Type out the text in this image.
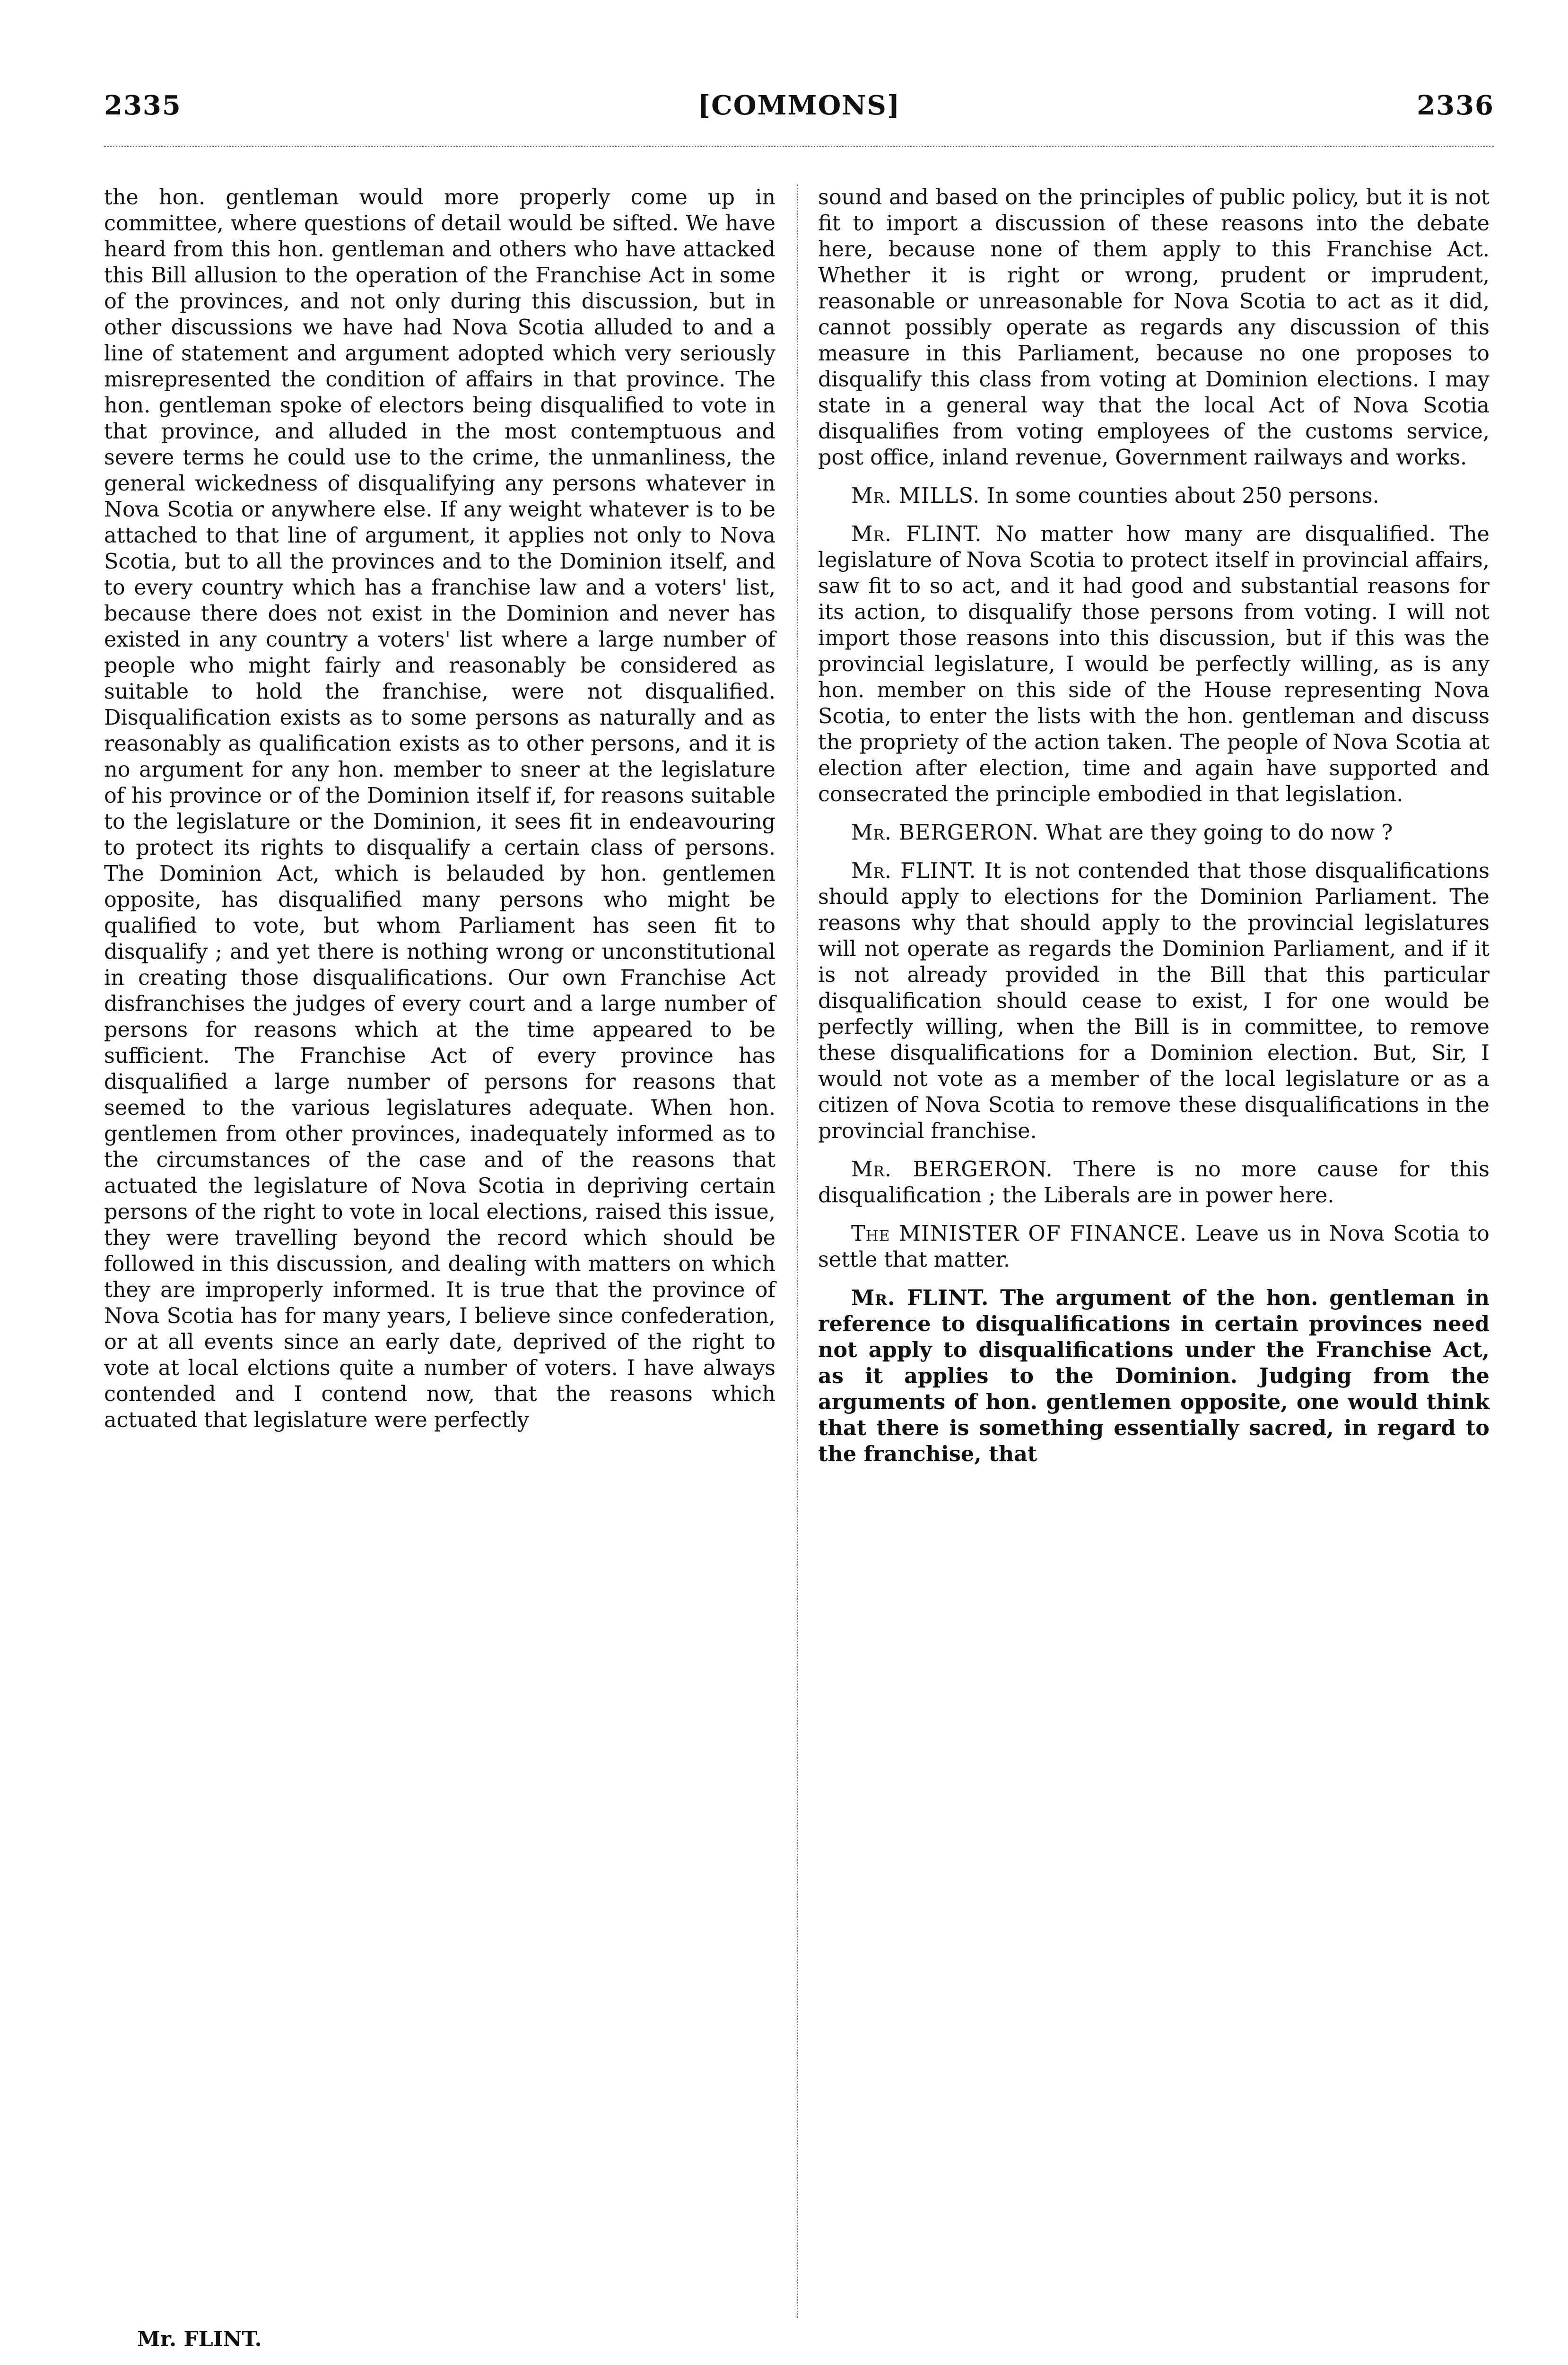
2335	[COMMONS]	2336

the hon. gentleman would more properly come up in committee, where questions of detail would be sifted. We have heard from this hon. gentleman and others who have attacked this Bill allusion to the operation of the Franchise Act in some of the provinces, and not only during this discussion, but in other discussions we have had Nova Scotia alluded to and a line of statement and argument adopted which very seriously misrepresented the condition of affairs in that province. The hon. gentleman spoke of electors being disqualified to vote in that province, and alluded in the most contemptuous and severe terms he could use to the crime, the unmanliness, the general wickedness of disqualifying any persons whatever in Nova Scotia or anywhere else. If any weight whatever is to be attached to that line of argument, it applies not only to Nova Scotia, but to all the provinces and to the Dominion itself, and to every country which has a franchise law and a voters' list, because there does not exist in the Dominion and never has existed in any country a voters' list where a large number of people who might fairly and reasonably be considered as suitable to hold the franchise, were not disqualified. Disqualification exists as to some persons as naturally and as reasonably as qualification exists as to other persons, and it is no argument for any hon. member to sneer at the legislature of his province or of the Dominion itself if, for reasons suitable to the legislature or the Dominion, it sees fit in endeavouring to protect its rights to disqualify a certain class of persons. The Dominion Act, which is belauded by hon. gentlemen opposite, has disqualified many persons who might be qualified to vote, but whom Parliament has seen fit to disqualify ; and yet there is nothing wrong or unconstitutional in creating those disqualifications. Our own Franchise Act disfranchises the judges of every court and a large number of persons for reasons which at the time appeared to be sufficient. The Franchise Act of every province has disqualified a large number of persons for reasons that seemed to the various legislatures adequate. When hon. gentlemen from other provinces, inadequately informed as to the circumstances of the case and of the reasons that actuated the legislature of Nova Scotia in depriving certain persons of the right to vote in local elections, raised this issue, they were travelling beyond the record which should be followed in this discussion, and dealing with matters on which they are improperly informed. It is true that the province of Nova Scotia has for many years, I believe since confederation, or at all events since an early date, deprived of the right to vote at local elctions quite a number of voters. I have always contended and I contend now, that the reasons which actuated that legislature were perfectly

sound and based on the principles of public policy, but it is not fit to import a discussion of these reasons into the debate here, because none of them apply to this Franchise Act. Whether it is right or wrong, prudent or imprudent, reasonable or unreasonable for Nova Scotia to act as it did, cannot possibly operate as regards any discussion of this measure in this Parliament, because no one proposes to disqualify this class from voting at Dominion elections. I may state in a general way that the local Act of Nova Scotia disqualifies from voting employees of the customs service, post office, inland revenue, Government railways and works.

Mr. MILLS. In some counties about 250 persons.

Mr. FLINT. No matter how many are disqualified. The legislature of Nova Scotia to protect itself in provincial affairs, saw fit to so act, and it had good and substantial reasons for its action, to disqualify those persons from voting. I will not import those reasons into this discussion, but if this was the provincial legislature, I would be perfectly willing, as is any hon. member on this side of the House representing Nova Scotia, to enter the lists with the hon. gentleman and discuss the propriety of the action taken. The people of Nova Scotia at election after election, time and again have supported and consecrated the principle embodied in that legislation.

Mr. BERGERON. What are they going to do now ?

Mr. FLINT. It is not contended that those disqualifications should apply to elections for the Dominion Parliament. The reasons why that should apply to the provincial legislatures will not operate as regards the Dominion Parliament, and if it is not already provided in the Bill that this particular disqualification should cease to exist, I for one would be perfectly willing, when the Bill is in committee, to remove these disqualifications for a Dominion election. But, Sir, I would not vote as a member of the local legislature or as a citizen of Nova Scotia to remove these disqualifications in the provincial franchise.

Mr. BERGERON. There is no more cause for this disqualification ; the Liberals are in power here.

The MINISTER OF FINANCE. Leave us in Nova Scotia to settle that matter.

Mr. FLINT. The argument of the hon. gentleman in reference to disqualifications in certain provinces need not apply to disqualifications under the Franchise Act, as it applies to the Dominion. Judging from the arguments of hon. gentlemen opposite, one would think that there is something essentially sacred, in regard to the franchise, that

Mr. FLINT.
